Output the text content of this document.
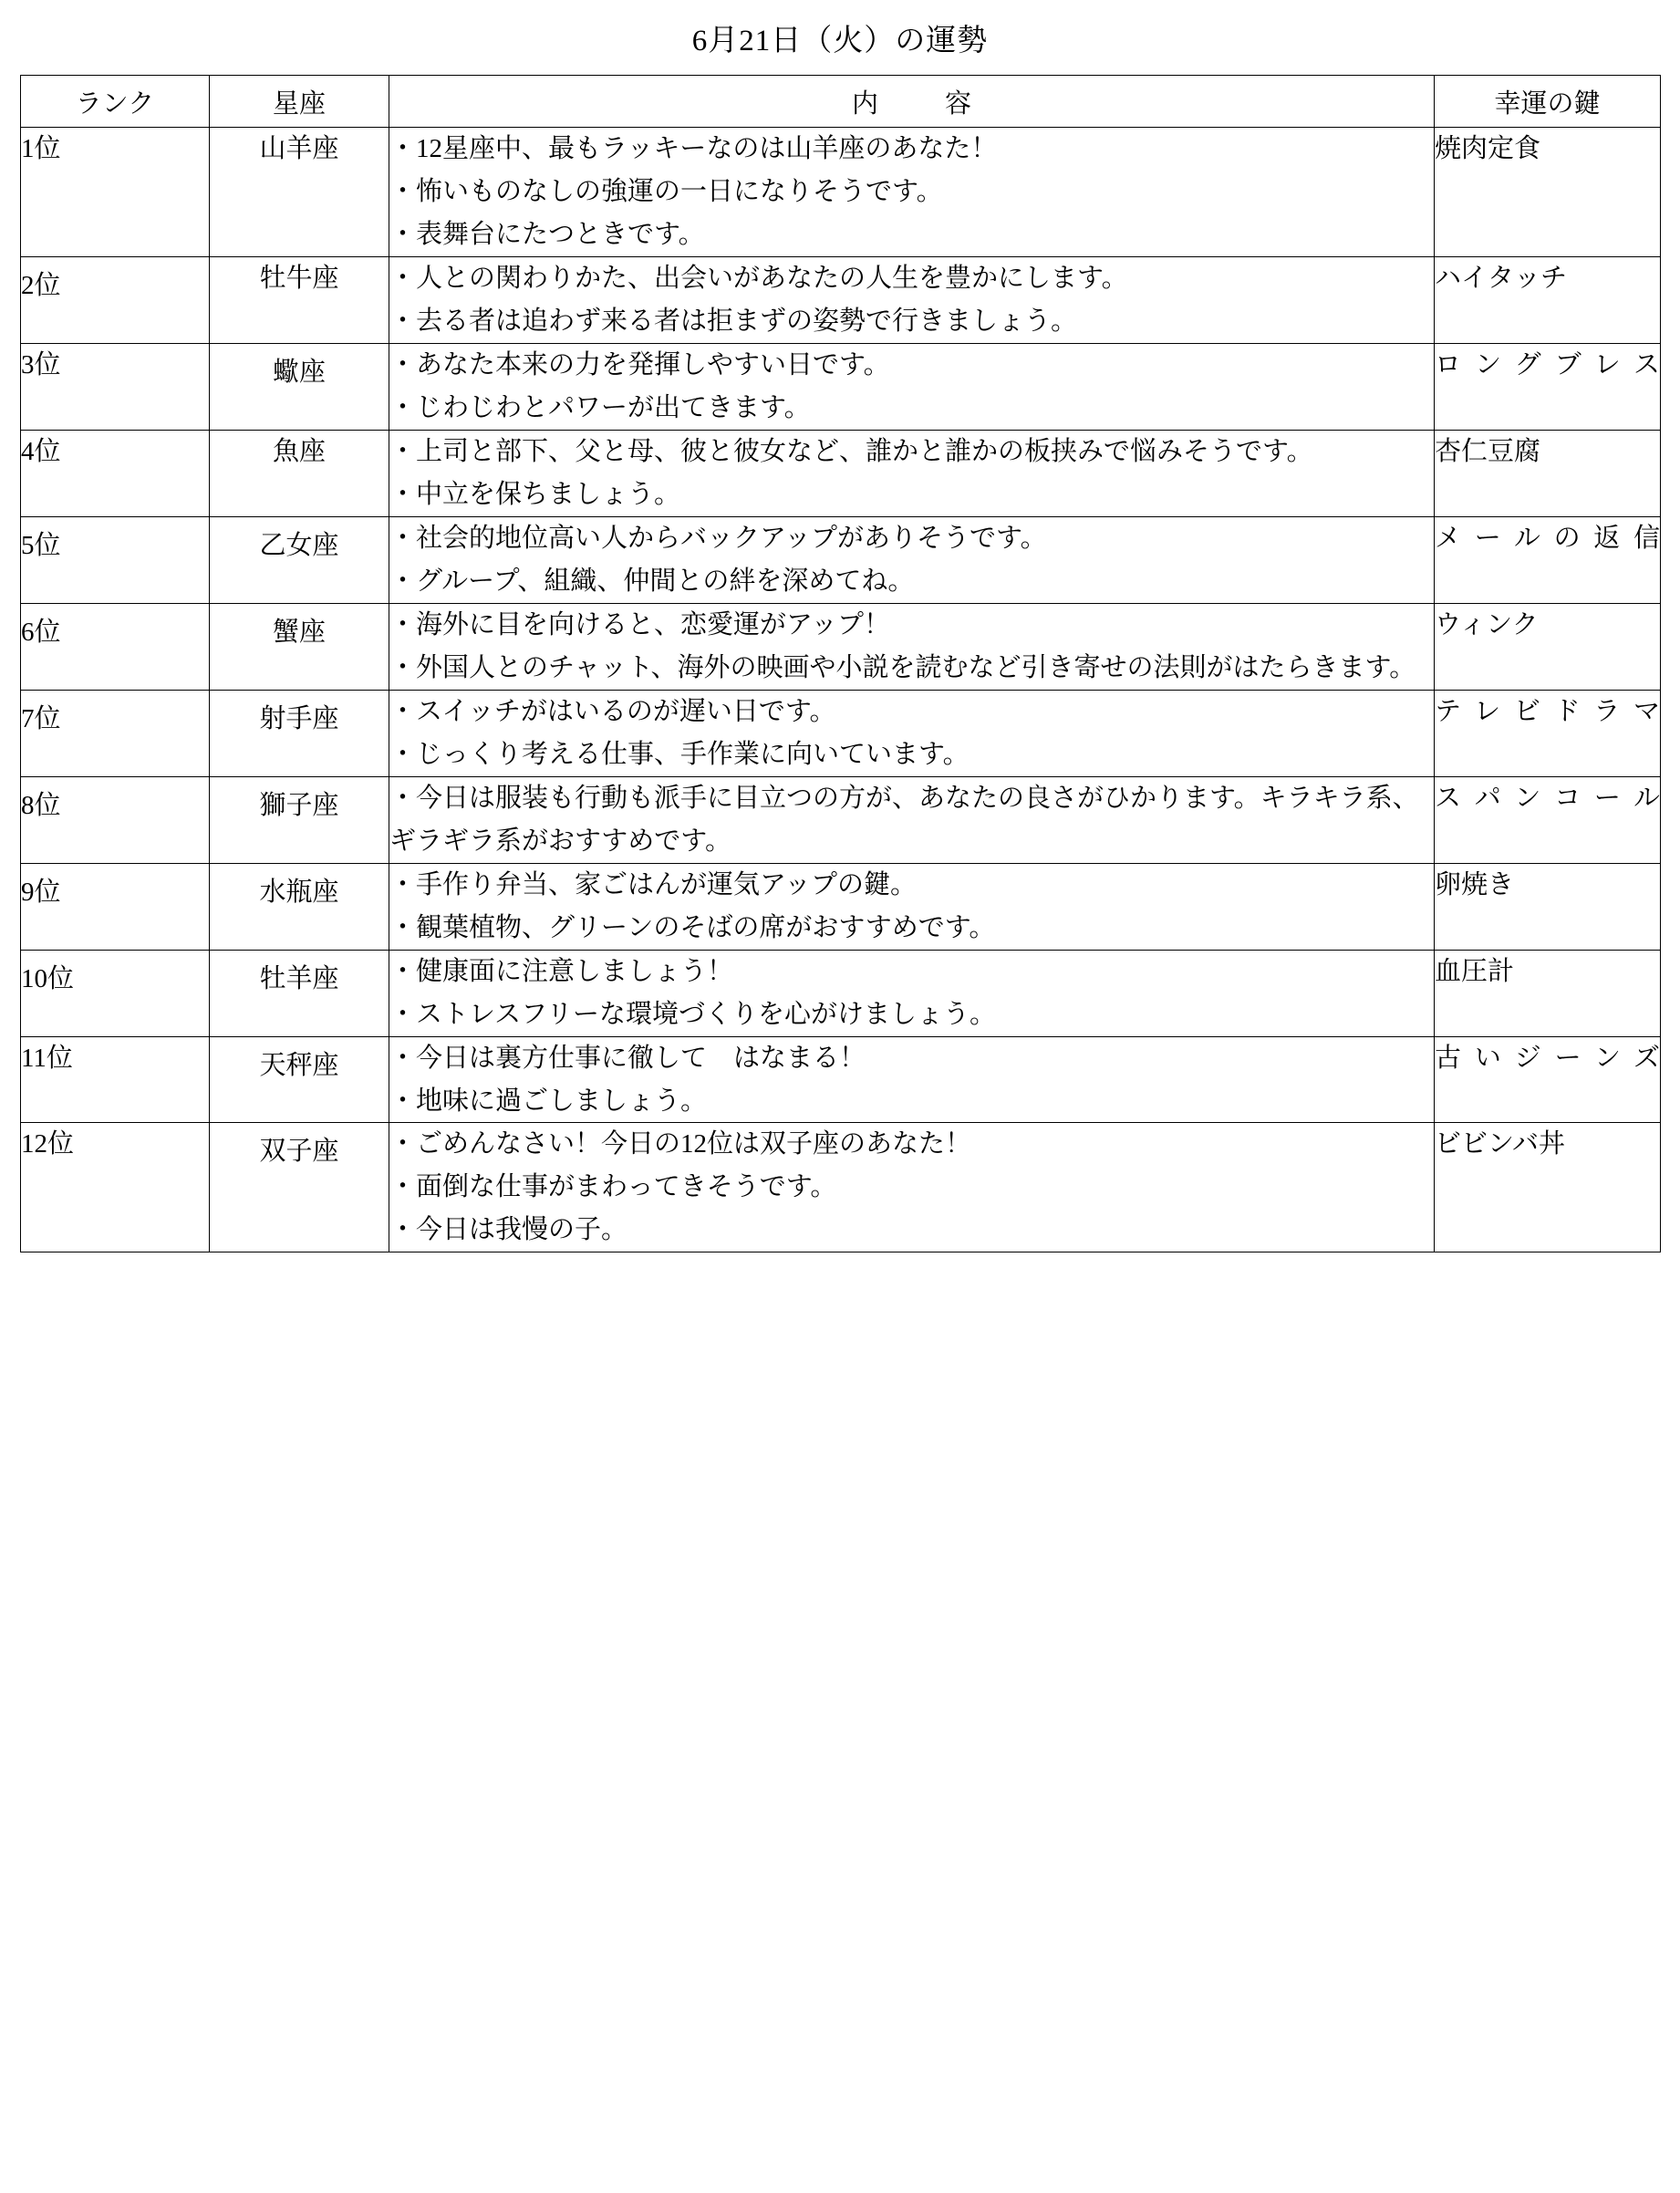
6月21日（火）の運勢
ランク	星座	内　容	幸運の鍵

1位	山羊座	・12星座中、最もラッキーなのは山羊座のあなた！
・怖いものなしの強運の一日になりそうです。
・表舞台にたつときです。	焼肉定食

2位	牡牛座	・人との関わりかた、出会いがあなたの人生を豊かにします。
・去る者は追わず来る者は拒まずの姿勢で行きましょう。	ハイタッチ

3位	蠍座	・あなた本来の力を発揮しやすい日です。
・じわじわとパワーが出てきます。	ロングブレス

4位	魚座	・上司と部下、父と母、彼と彼女など、誰かと誰かの板挟みで悩みそうです。
・中立を保ちましょう。	杏仁豆腐

5位	乙女座	・社会的地位高い人からバックアップがありそうです。
・グループ、組織、仲間との絆を深めてね。	メールの返信

6位	蟹座	・海外に目を向けると、恋愛運がアップ！
・外国人とのチャット、海外の映画や小説を読むなど引き寄せの法則がはたらきます。	ウィンク

7位	射手座	・スイッチがはいるのが遅い日です。
・じっくり考える仕事、手作業に向いています。	テレビドラマ

8位	獅子座	・今日は服装も行動も派手に目立つの方が、あなたの良さがひかります。キラキラ系、ギラギラ系がおすすめです。	スパンコール

9位	水瓶座	・手作り弁当、家ごはんが運気アップの鍵。
・観葉植物、グリーンのそばの席がおすすめです。	卵焼き

10位	牡羊座	・健康面に注意しましょう！
・ストレスフリーな環境づくりを心がけましょう。	血圧計

11位	天秤座	・今日は裏方仕事に徹して　はなまる！
・地味に過ごしましょう。	古いジーンズ

12位	双子座	・ごめんなさい！今日の12位は双子座のあなた！
・面倒な仕事がまわってきそうです。
・今日は我慢の子。	ビビンバ丼
